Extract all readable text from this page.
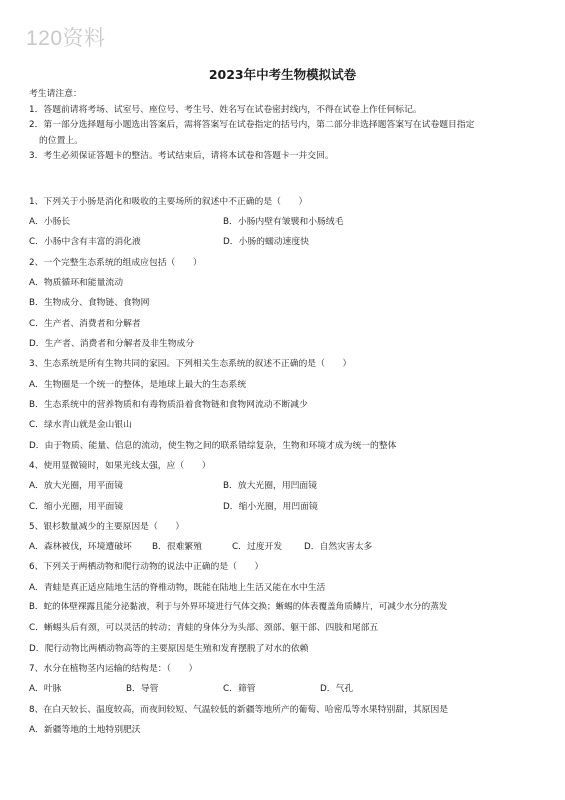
120资料
2023年中考生物模拟试卷
考生请注意：
1．答题前请将考场、试室号、座位号、考生号、姓名写在试卷密封线内，不得在试卷上作任何标记。
2．第一部分选择题每小题选出答案后，需将答案写在试卷指定的括号内，第二部分非选择题答案写在试卷题目指定
的位置上。
3．考生必须保证答题卡的整洁。考试结束后，请将本试卷和答题卡一并交回。
1、下列关于小肠是消化和吸收的主要场所的叙述中不正确的是（　　）
A．小肠长	B．小肠内壁有皱襞和小肠绒毛
C．小肠中含有丰富的消化液	D．小肠的蠕动速度快
2、一个完整生态系统的组成应包括（　　）
A．物质循环和能量流动
B．生物成分、食物链、食物网
C．生产者、消费者和分解者
D．生产者、消费者和分解者及非生物成分
3、生态系统是所有生物共同的家园。下列相关生态系统的叙述不正确的是（　　）
A．生物圈是一个统一的整体，是地球上最大的生态系统
B．生态系统中的营养物质和有毒物质沿着食物链和食物网流动不断减少
C．绿水青山就是金山银山
D．由于物质、能量、信息的流动，使生物之间的联系错综复杂，生物和环境才成为统一的整体
4、使用显微镜时，如果光线太强，应（　　）
A．放大光圈，用平面镜	B．放大光圈，用凹面镜
C．缩小光圈，用平面镜	D．缩小光圈，用凹面镜
5、银杉数量减少的主要原因是（　　）
A．森林被伐，环境遭破坏 B．很难繁殖	C．过度开发 D．自然灾害太多
6、下列关于两栖动物和爬行动物的说法中正确的是（　　）
A．青蛙是真正适应陆地生活的脊椎动物，既能在陆地上生活又能在水中生活
B．蛇的体壁裸露且能分泌黏液，利于与外界环境进行气体交换；蜥蜴的体表覆盖角质鳞片，可减少水分的蒸发
C．蜥蜴头后有颈，可以灵活的转动；青蛙的身体分为头部、颈部、躯干部、四肢和尾部五
D．爬行动物比两栖动物高等的主要原因是生殖和发育摆脱了对水的依赖
7、水分在植物茎内运输的结构是：（　　）
A．叶脉	B．导管	C．筛管	D．气孔
8、在白天较长、温度较高，而夜间较短、气温较低的新疆等地所产的葡萄、哈密瓜等水果特别甜，其原因是
A．新疆等地的土地特别肥沃
